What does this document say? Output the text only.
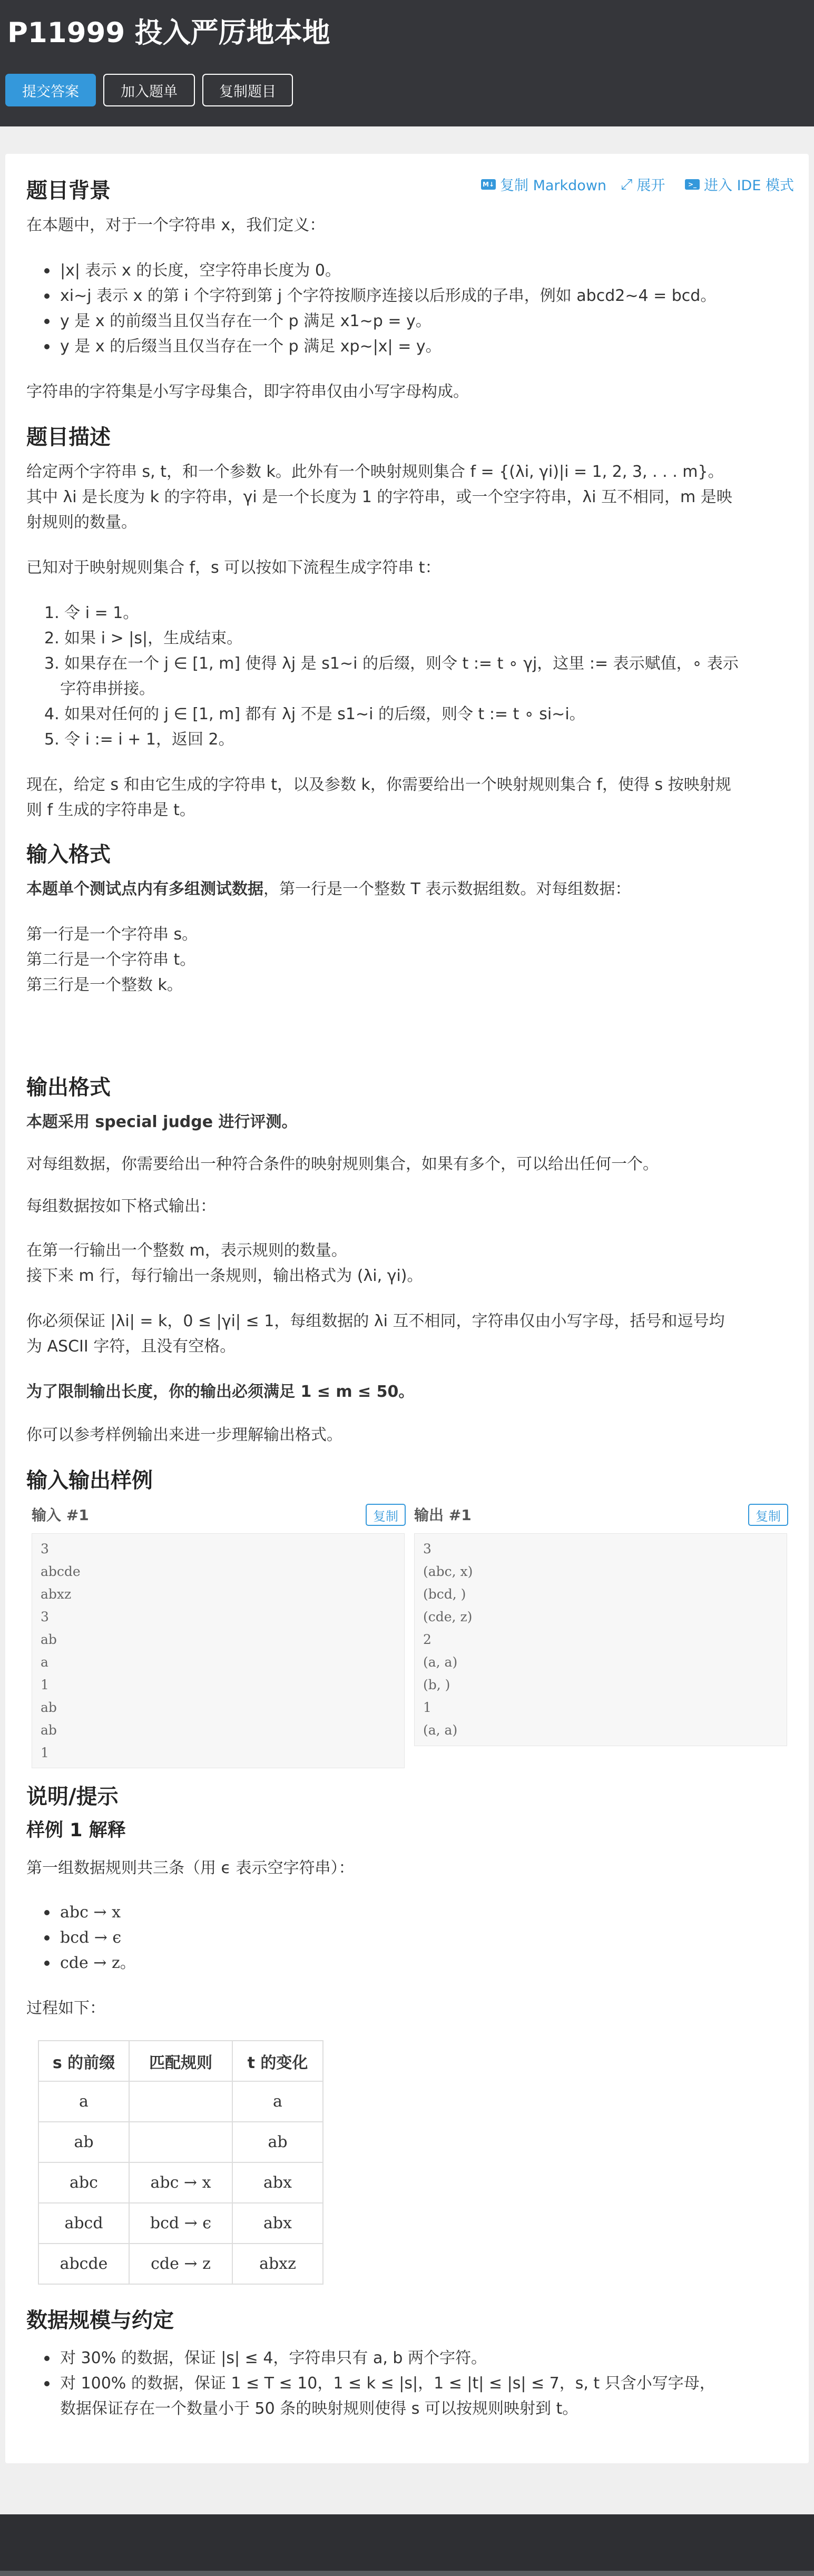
P11999 投入严厉地本地
提交答案	加入题单	复制题目
M↓ 复制 Markdown ⤢ 展开	>_ 进入 IDE 模式
题目背景
在本题中，对于一个字符串 x，我们定义：
|x| 表示 x 的长度，空字符串长度为 0。
xi∼j 表示 x 的第 i 个字符到第 j 个字符按顺序连接以后形成的子串，例如 abcd2∼4 = bcd。
y 是 x 的前缀当且仅当存在一个 p 满足 x1∼p = y。
y 是 x 的后缀当且仅当存在一个 p 满足 xp∼|x| = y。
字符串的字符集是小写字母集合，即字符串仅由小写字母构成。
题目描述
给定两个字符串 s, t，和一个参数 k。此外有一个映射规则集合 f = {(λi, γi)|i = 1, 2, 3, . . . m}。
其中 λi 是长度为 k 的字符串，γi 是一个长度为 1 的字符串，或一个空字符串，λi 互不相同，m 是映
射规则的数量。
已知对于映射规则集合 f，s 可以按如下流程生成字符串 t：
1. 令 i = 1。
2. 如果 i > |s|，生成结束。
3. 如果存在一个 j ∈ [1, m] 使得 λj 是 s1∼i 的后缀，则令 t := t ∘ γj，这里 := 表示赋值，∘ 表示
字符串拼接。
4. 如果对任何的 j ∈ [1, m] 都有 λj 不是 s1∼i 的后缀，则令 t := t ∘ si∼i。
5. 令 i := i + 1，返回 2。
现在，给定 s 和由它生成的字符串 t，以及参数 k，你需要给出一个映射规则集合 f，使得 s 按映射规
则 f 生成的字符串是 t。
输入格式
本题单个测试点内有多组测试数据，第一行是一个整数 T 表示数据组数。对每组数据：
第一行是一个字符串 s。
第二行是一个字符串 t。
第三行是一个整数 k。
输出格式
本题采用 special judge 进行评测。
对每组数据，你需要给出一种符合条件的映射规则集合，如果有多个，可以给出任何一个。
每组数据按如下格式输出：
在第一行输出一个整数 m，表示规则的数量。
接下来 m 行，每行输出一条规则，输出格式为 (λi, γi)。
你必须保证 |λi| = k，0 ≤ |γi| ≤ 1，每组数据的 λi 互不相同，字符串仅由小写字母，括号和逗号均
为 ASCII 字符，且没有空格。
为了限制输出长度，你的输出必须满足 1 ≤ m ≤ 50。
你可以参考样例输出来进一步理解输出格式。
输入输出样例
输入 #1	复制
3
abcde
abxz
3
ab
a
1
ab
ab
1
输出 #1	复制
3
(abc, x)
(bcd, )
(cde, z)
2
(a, a)
(b, )
1
(a, a)
说明/提示
样例 1 解释
第一组数据规则共三条（用 ϵ 表示空字符串）：
abc → x
bcd → ϵ
cde → z。
过程如下：
s 的前缀	匹配规则	t 的变化
a		a
ab		ab
abc	abc → x	abx
abcd	bcd → ϵ	abx
abcde	cde → z	abxz
数据规模与约定
对 30% 的数据，保证 |s| ≤ 4，字符串只有 a, b 两个字符。
对 100% 的数据，保证 1 ≤ T ≤ 10，1 ≤ k ≤ |s|，1 ≤ |t| ≤ |s| ≤ 7，s, t 只含小写字母，
数据保证存在一个数量小于 50 条的映射规则使得 s 可以按规则映射到 t。
